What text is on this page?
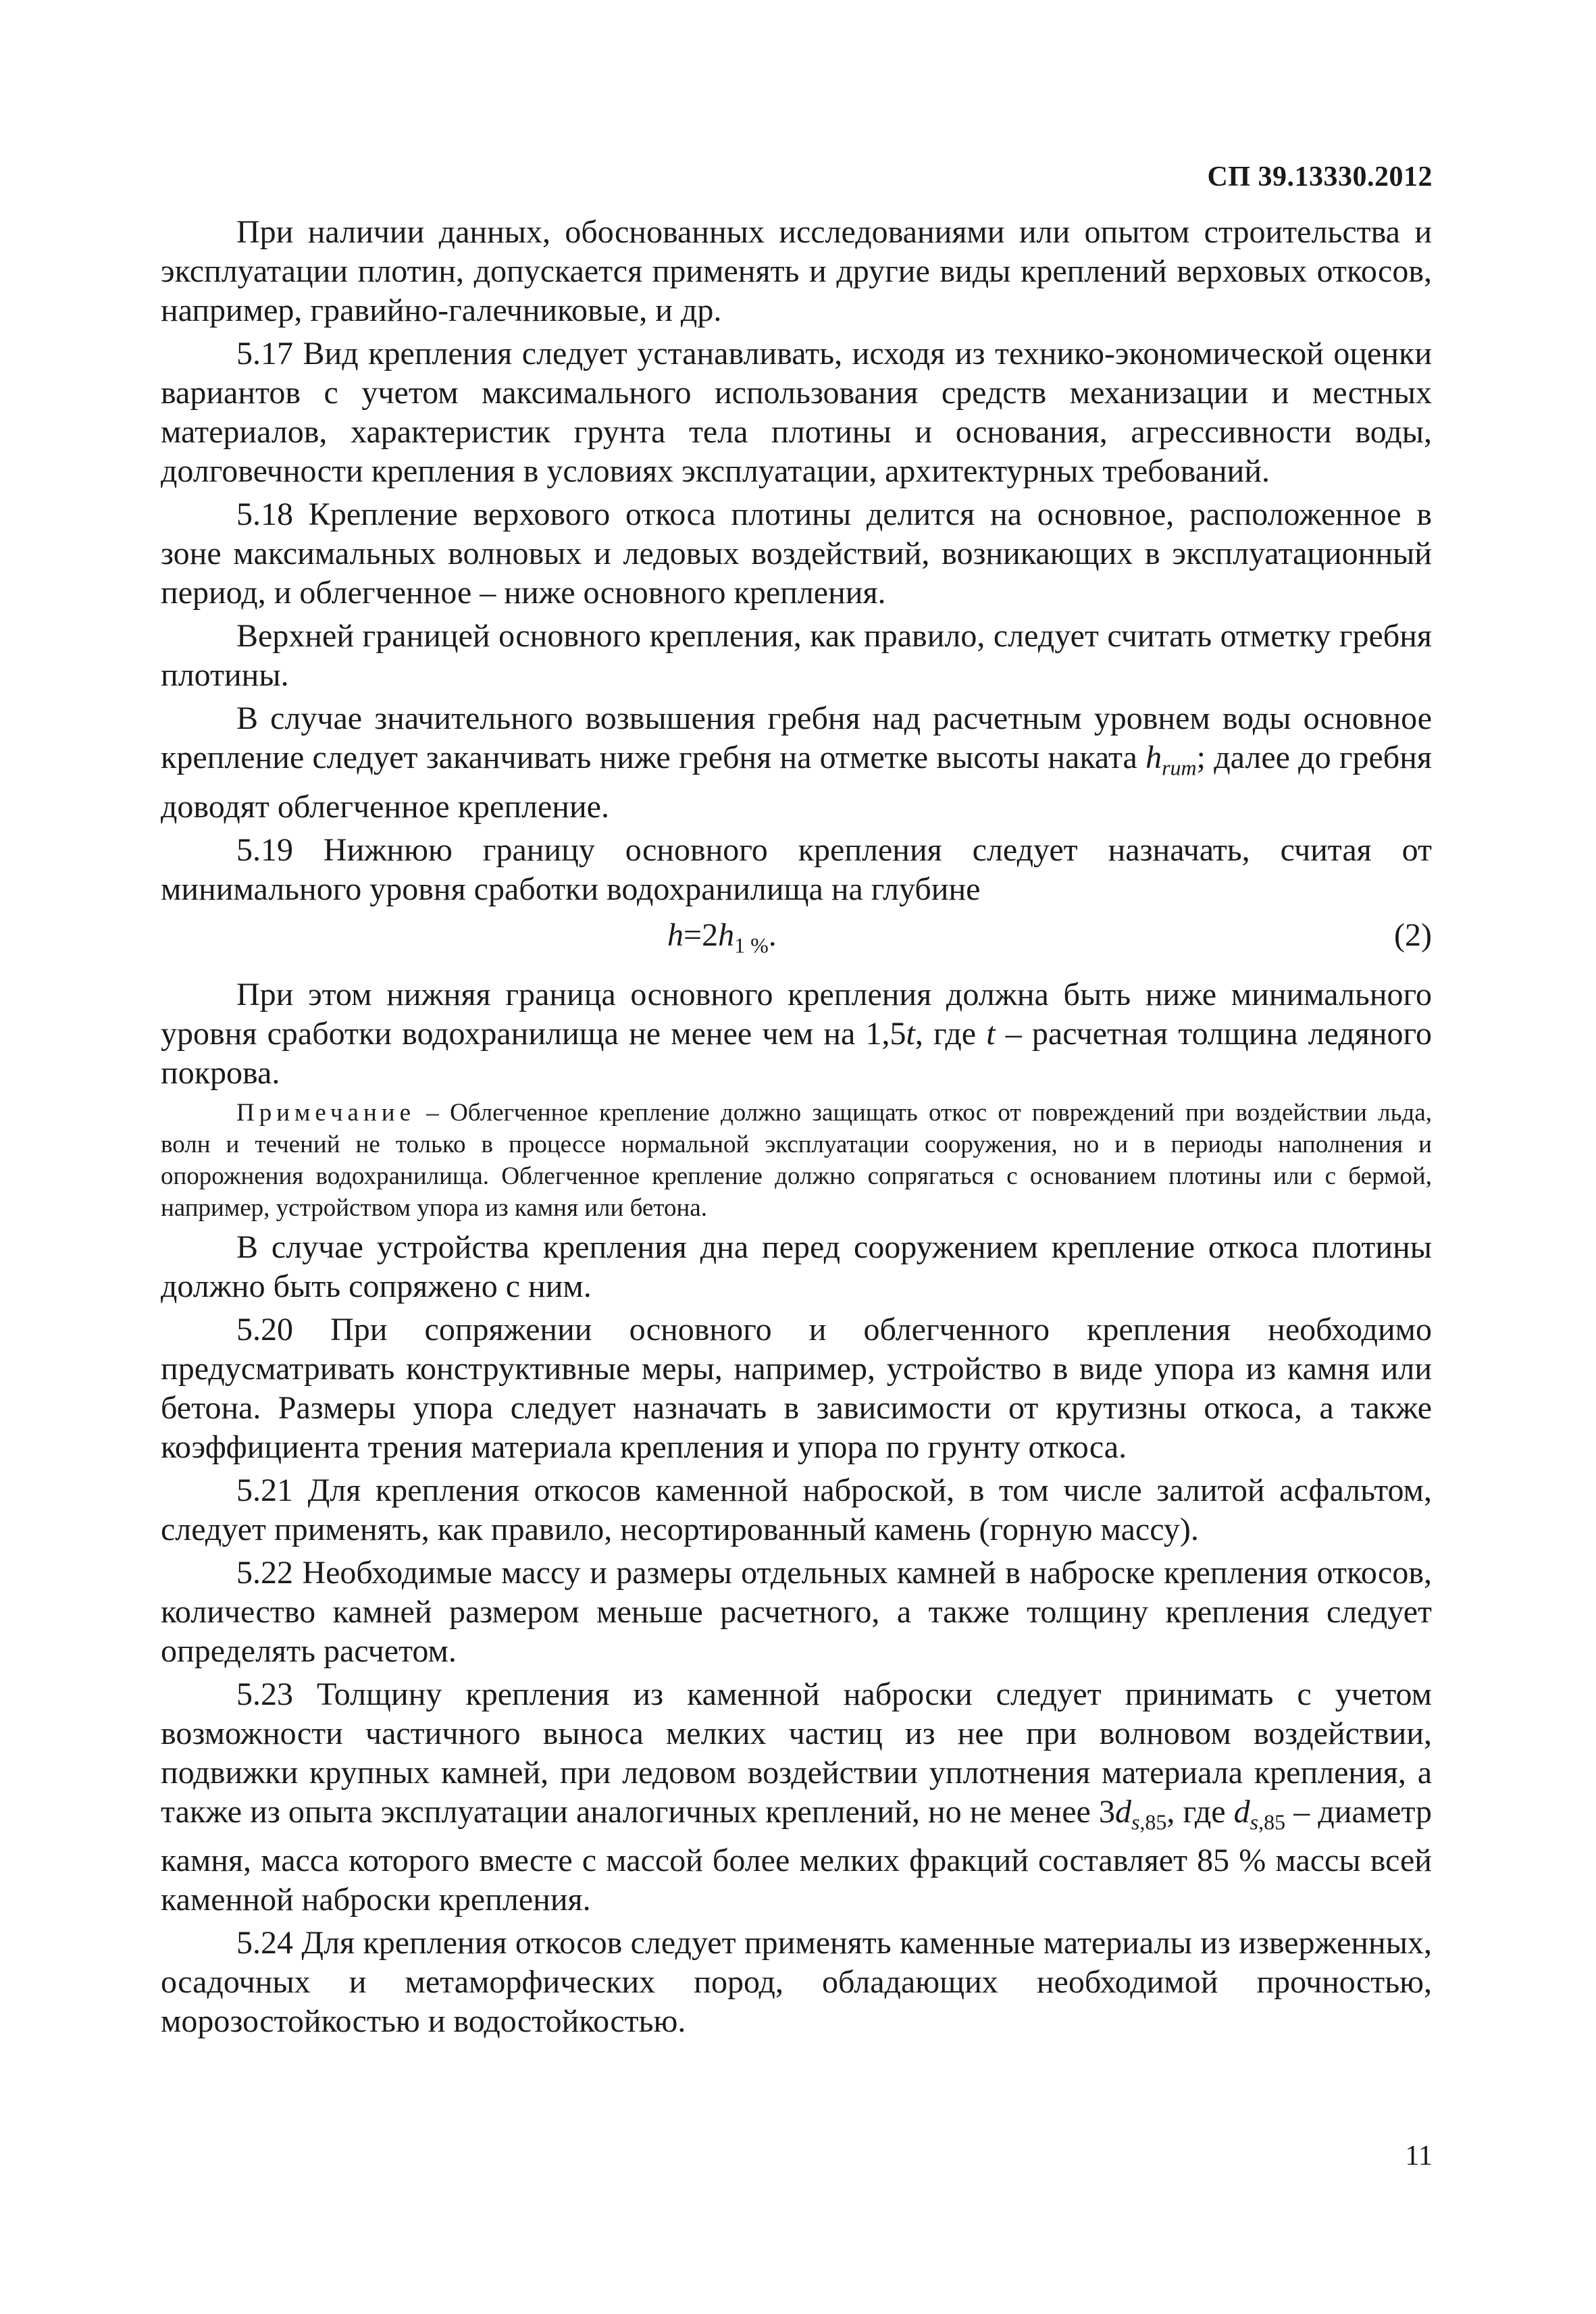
СП 39.13330.2012

При наличии данных, обоснованных исследованиями или опытом строительства и эксплуатации плотин, допускается применять и другие виды креплений верховых откосов, например, гравийно-галечниковые, и др.

5.17 Вид крепления следует устанавливать, исходя из технико-экономической оценки вариантов с учетом максимального использования средств механизации и местных материалов, характеристик грунта тела плотины и основания, агрессивности воды, долговечности крепления в условиях эксплуатации, архитектурных требований.

5.18 Крепление верхового откоса плотины делится на основное, расположенное в зоне максимальных волновых и ледовых воздействий, возникающих в эксплуатационный период, и облегченное – ниже основного крепления.

Верхней границей основного крепления, как правило, следует считать отметку гребня плотины.

В случае значительного возвышения гребня над расчетным уровнем воды основное крепление следует заканчивать ниже гребня на отметке высоты наката $h_{rum}$; далее до гребня доводят облегченное крепление.

5.19 Нижнюю границу основного крепления следует назначать, считая от минимального уровня сработки водохранилища на глубине

$h=2h_{1 \%}$.	(2)

При этом нижняя граница основного крепления должна быть ниже минимального уровня сработки водохранилища не менее чем на 1,5t, где t – расчетная толщина ледяного покрова.

Примечание – Облегченное крепление должно защищать откос от повреждений при воздействии льда, волн и течений не только в процессе нормальной эксплуатации сооружения, но и в периоды наполнения и опорожнения водохранилища. Облегченное крепление должно сопрягаться с основанием плотины или с бермой, например, устройством упора из камня или бетона.

В случае устройства крепления дна перед сооружением крепление откоса плотины должно быть сопряжено с ним.

5.20 При сопряжении основного и облегченного крепления необходимо предусматривать конструктивные меры, например, устройство в виде упора из камня или бетона. Размеры упора следует назначать в зависимости от крутизны откоса, а также коэффициента трения материала крепления и упора по грунту откоса.

5.21 Для крепления откосов каменной наброской, в том числе залитой асфальтом, следует применять, как правило, несортированный камень (горную массу).

5.22 Необходимые массу и размеры отдельных камней в наброске крепления откосов, количество камней размером меньше расчетного, а также толщину крепления следует определять расчетом.

5.23 Толщину крепления из каменной наброски следует принимать с учетом возможности частичного выноса мелких частиц из нее при волновом воздействии, подвижки крупных камней, при ледовом воздействии уплотнения материала крепления, а также из опыта эксплуатации аналогичных креплений, но не менее $3d_{s,85}$, где $d_{s,85}$ – диаметр камня, масса которого вместе с массой более мелких фракций составляет 85 % массы всей каменной наброски крепления.

5.24 Для крепления откосов следует применять каменные материалы из изверженных, осадочных и метаморфических пород, обладающих необходимой прочностью, морозостойкостью и водостойкостью.

11
